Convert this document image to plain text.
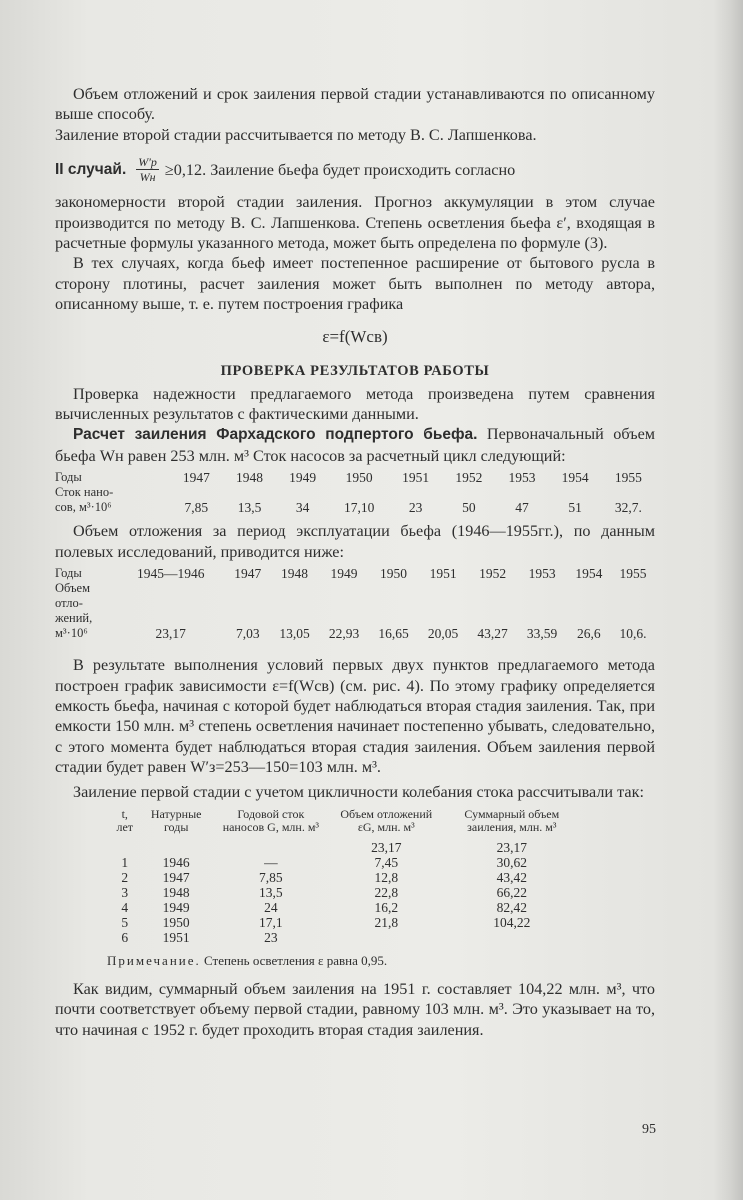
Объем отложений и срок заиления первой стадии устанавливаются по описанному выше способу.

Заиление второй стадии рассчитывается по методу В. С. Лапшенкова.

II случай. $\frac{W'р}{Wн} \ge 0,12$. Заиление бьефа будет происходить согласно

закономерности второй стадии заиления. Прогноз аккумуляции в этом случае производится по методу В. С. Лапшенкова. Степень осветления бьефа ε′, входящая в расчетные формулы указанного метода, может быть определена по формуле (3).

В тех случаях, когда бьеф имеет постепенное расширение от бытового русла в сторону плотины, расчет заиления может быть выполнен по методу автора, описанному выше, т. е. путем построения графика

ε=f(Wсв)
ПРОВЕРКА РЕЗУЛЬТАТОВ РАБОТЫ

Проверка надежности предлагаемого метода произведена путем сравнения вычисленных результатов с фактическими данными.

Расчет заиления Фархадского подпертого бьефа. Первоначальный объем бьефа Wн равен 253 млн. м³ Сток насосов за расчетный цикл следующий:

Годы	1947	1948	1949	1950	1951	1952	1953	1954	1955
Сток нано-									
сов, м³·10⁶	7,85	13,5	34	17,10	23	50	47	51	32,7.

Объем отложения за период эксплуатации бьефа (1946—1955гг.), по данным полевых исследований, приводится ниже:

Годы	1945—1946	1947	1948	1949	1950	1951	1952	1953	1954	1955
Объем										
отло-										
жений,										
м³·10⁶	23,17	7,03	13,05	22,93	16,65	20,05	43,27	33,59	26,6	10,6.

В результате выполнения условий первых двух пунктов предлагаемого метода построен график зависимости ε=f(Wсв) (см. рис. 4). По этому графику определяется емкость бьефа, начиная с которой будет наблюдаться вторая стадия заиления. Так, при емкости 150 млн. м³ степень осветления начинает постепенно убывать, следовательно, с этого момента будет наблюдаться вторая стадия заиления. Объем заиления первой стадии будет равен W′з=253—150=103 млн. м³.

Заиление первой стадии с учетом цикличности колебания стока рассчитывали так:

t, лет	Натурные годы	Годовой сток наносов G, млн. м³	Объем отложений εG, млн. м³	Суммарный объем заиления, млн. м³
			23,17	23,17
1	1946	—	7,45	30,62
2	1947	7,85	12,8	43,42
3	1948	13,5	22,8	66,22
4	1949	24	16,2	82,42
5	1950	17,1	21,8	104,22
6	1951	23		
Примечание. Степень осветления ε равна 0,95.

Как видим, суммарный объем заиления на 1951 г. составляет 104,22 млн. м³, что почти соответствует объему первой стадии, равному 103 млн. м³. Это указывает на то, что начиная с 1952 г. будет проходить вторая стадия заиления.

95
